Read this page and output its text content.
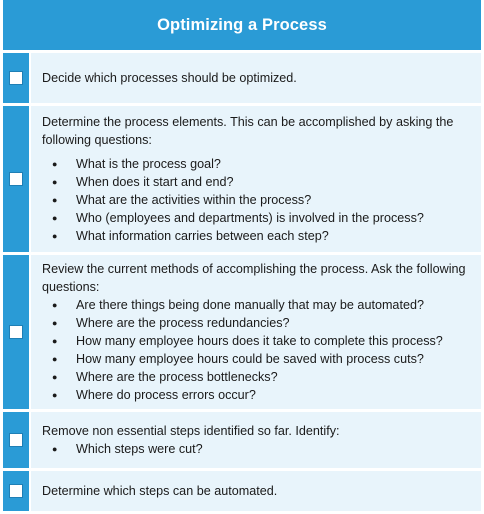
Optimizing a Process

Decide which processes should be optimized.

Determine the process elements. This can be accomplished by asking the following questions:

● What is the process goal?
● When does it start and end?
● What are the activities within the process?
● Who (employees and departments) is involved in the process?
● What information carries between each step?

Review the current methods of accomplishing the process. Ask the following questions:

● Are there things being done manually that may be automated?
● Where are the process redundancies?
● How many employee hours does it take to complete this process?
● How many employee hours could be saved with process cuts?
● Where are the process bottlenecks?
● Where do process errors occur?

Remove non essential steps identified so far. Identify:

● Which steps were cut?

Determine which steps can be automated.
